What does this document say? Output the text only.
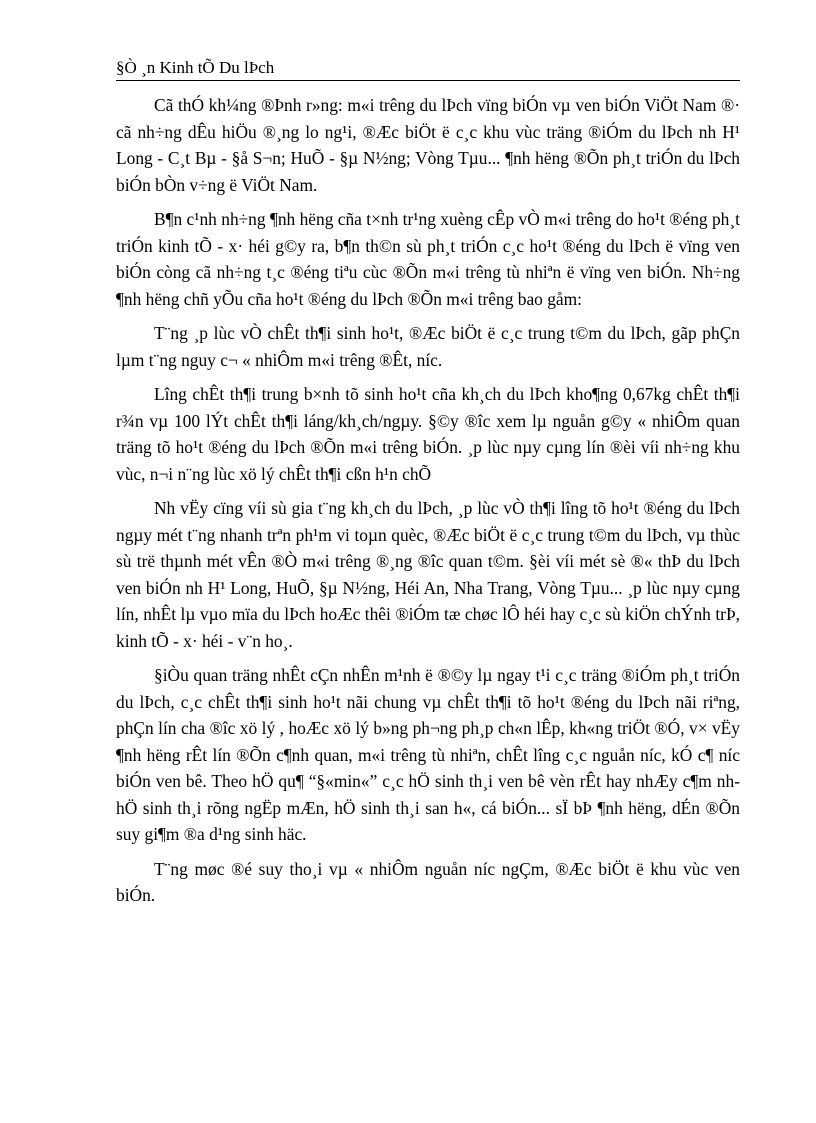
§Ò ¸n Kinh tÕ Du lÞch

Cã thÓ kh¼ng ®Þnh r»ng: m«i trêng du lÞch vïng biÓn vµ ven biÓn ViÖt Nam ®· cã nh÷ng dÊu hiÖu ®¸ng lo ng¹i, ®Æc biÖt ë c¸c khu vùc träng ®iÓm du lÞch nh H¹ Long - C¸t Bµ - §å S¬n; HuÕ - §µ N½ng; Vòng Tµu... ¶nh hëng ®Õn ph¸t triÓn du lÞch biÓn bÒn v÷ng ë ViÖt Nam.

B¶n c¹nh nh÷ng ¶nh hëng cña t×nh tr¹ng xuèng cÊp vÒ m«i trêng do ho¹t ®éng ph¸t triÓn kinh tÕ - x· héi g©y ra, b¶n th©n sù ph¸t triÓn c¸c ho¹t ®éng du lÞch ë vïng ven biÓn còng cã nh÷ng t¸c ®éng tiªu cùc ®Õn m«i trêng tù nhiªn ë vïng ven biÓn. Nh÷ng ¶nh hëng chñ yÕu cña ho¹t ®éng du lÞch ®Õn m«i trêng bao gåm:

T¨ng ¸p lùc vÒ chÊt th¶i sinh ho¹t, ®Æc biÖt ë c¸c trung t©m du lÞch, gãp phÇn lµm t¨ng nguy c¬ « nhiÔm m«i trêng ®Êt, níc.

Lîng chÊt th¶i trung b×nh tõ sinh ho¹t cña kh¸ch du lÞch kho¶ng 0,67kg chÊt th¶i r¾n vµ 100 lÝt chÊt th¶i láng/kh¸ch/ngµy. §©y ®îc xem lµ nguån g©y « nhiÔm quan träng tõ ho¹t ®éng du lÞch ®Õn m«i trêng biÓn. ¸p lùc nµy cµng lín ®èi víi nh÷ng khu vùc, n¬i n¨ng lùc xö lý chÊt th¶i cßn h¹n chÕ

Nh vËy cïng víi sù gia t¨ng kh¸ch du lÞch, ¸p lùc vÒ th¶i lîng tõ ho¹t ®éng du lÞch ngµy mét t¨ng nhanh trªn ph¹m vi toµn quèc, ®Æc biÖt ë c¸c trung t©m du lÞch, vµ thùc sù trë thµnh mét vÊn ®Ò m«i trêng ®¸ng ®îc quan t©m. §èi víi mét sè ®« thÞ du lÞch ven biÓn nh H¹ Long, HuÕ, §µ N½ng, Héi An, Nha Trang, Vòng Tµu... ¸p lùc nµy cµng lín, nhÊt lµ vµo mïa du lÞch hoÆc thêi ®iÓm tæ chøc lÔ héi hay c¸c sù kiÖn chÝnh trÞ, kinh tÕ - x· héi - v¨n ho¸.

§iÒu quan träng nhÊt cÇn nhÊn m¹nh ë ®©y lµ ngay t¹i c¸c träng ®iÓm ph¸t triÓn du lÞch, c¸c chÊt th¶i sinh ho¹t nãi chung vµ chÊt th¶i tõ ho¹t ®éng du lÞch nãi riªng, phÇn lín cha ®îc xö lý , hoÆc xö lý b»ng ph¬ng ph¸p ch«n lÊp, kh«ng triÖt ®Ó, v× vËy ¶nh hëng rÊt lín ®Õn c¶nh quan, m«i trêng tù nhiªn, chÊt lîng c¸c nguån níc, kÓ c¶ níc biÓn ven bê. Theo hÖ qu¶ “§«min«” c¸c hÖ sinh th¸i ven bê vèn rÊt hay nhÆy c¶m nh hÖ sinh th¸i rõng ngËp mÆn, hÖ sinh th¸i san h«, cá biÓn... sÏ bÞ ¶nh hëng, dÉn ®Õn suy gi¶m ®a d¹ng sinh häc.

T¨ng møc ®é suy tho¸i vµ « nhiÔm nguån níc ngÇm, ®Æc biÖt ë khu vùc ven biÓn.
